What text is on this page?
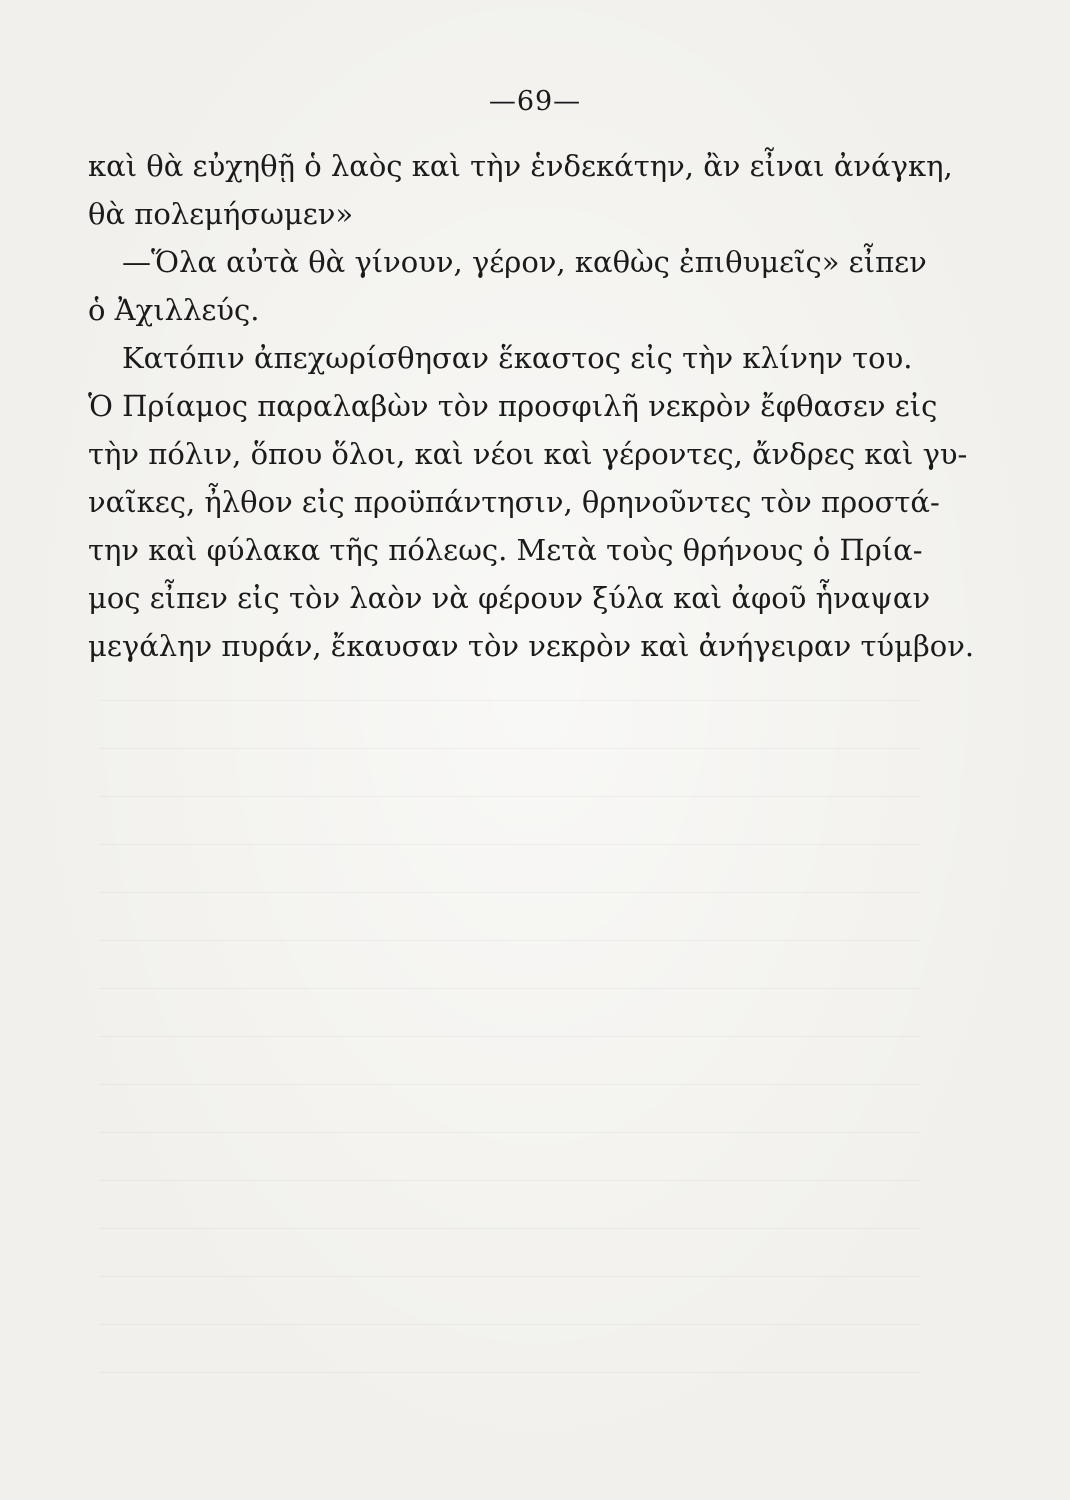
—69—
καὶ θὰ εὐχηθῇ ὁ λαὸς καὶ τὴν ἑνδεκάτην, ἂν εἶναι ἀνάγκη,
θὰ πολεμήσωμεν»
—Ὅλα αὐτὰ θὰ γίνουν, γέρον, καθὼς ἐπιθυμεῖς» εἶπεν
ὁ Ἀχιλλεύς.
Κατόπιν ἀπεχωρίσθησαν ἕκαστος εἰς τὴν κλίνην του.
Ὁ Πρίαμος παραλαβὼν τὸν προσφιλῆ νεκρὸν ἔφθασεν εἰς
τὴν πόλιν, ὅπου ὅλοι, καὶ νέοι καὶ γέροντες, ἄνδρες καὶ γυ-
ναῖκες, ἦλθον εἰς προϋπάντησιν, θρηνοῦντες τὸν προστά-
την καὶ φύλακα τῆς πόλεως. Μετὰ τοὺς θρήνους ὁ Πρία-
μος εἶπεν εἰς τὸν λαὸν νὰ φέρουν ξύλα καὶ ἀφοῦ ἧναψαν
μεγάλην πυράν, ἔκαυσαν τὸν νεκρὸν καὶ ἀνήγειραν τύμβον.
